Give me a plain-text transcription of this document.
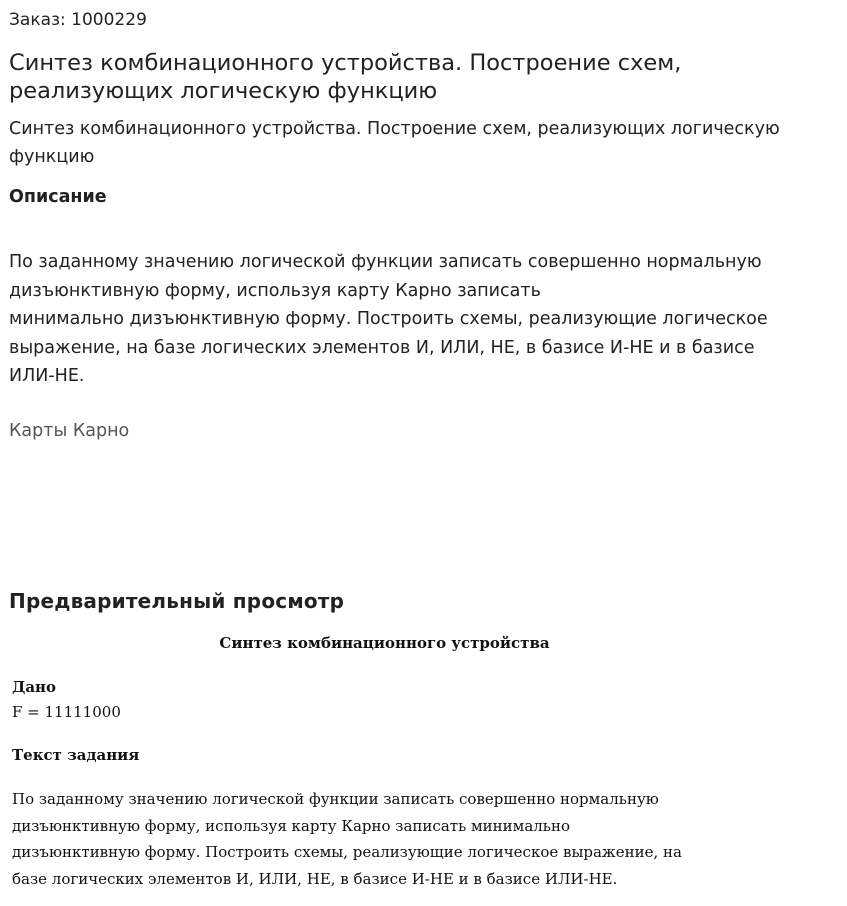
Заказ: 1000229
Синтез комбинационного устройства. Построение схем, реализующих логическую функцию

Синтез комбинационного устройства. Построение схем, реализующих логическую функцию

Описание
По заданному значению логической функции записать совершенно нормальную
дизъюнктивную форму, используя карту Карно записать
минимально дизъюнктивную форму. Построить схемы, реализующие логическое
выражение, на базе логических элементов И, ИЛИ, НЕ, в базисе И-НЕ и в базисе
ИЛИ-НЕ.
Карты Карно
Предварительный просмотр

Синтез комбинационного устройства

Дано

F = 11111000

Текст задания

По заданному значению логической функции записать совершенно нормальную
дизъюнктивную форму, используя карту Карно записать минимально
дизъюнктивную форму. Построить схемы, реализующие логическое выражение, на
базе логических элементов И, ИЛИ, НЕ, в базисе И-НЕ и в базисе ИЛИ-НЕ.
